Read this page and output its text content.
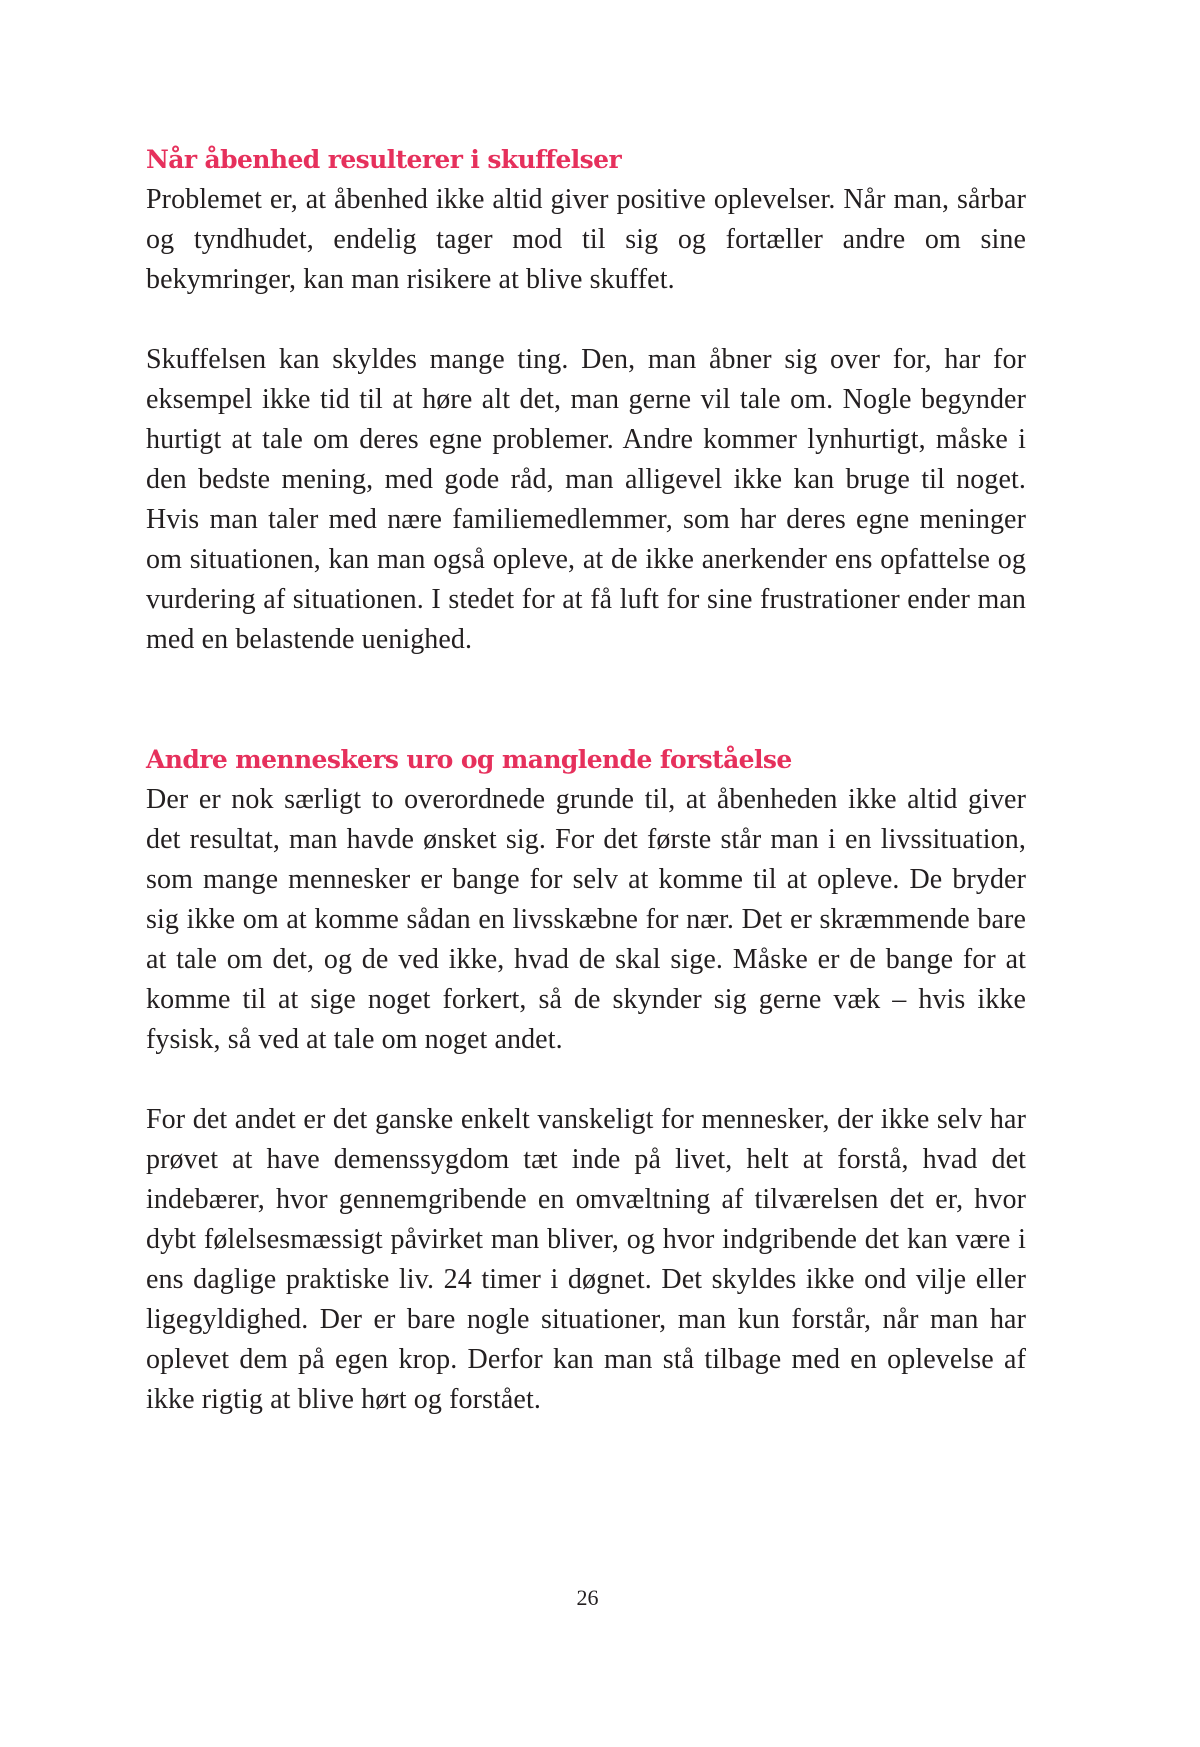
Når åbenhed resulterer i skuffelser

Problemet er, at åbenhed ikke altid giver positive oplevelser. Når man, sårbar og tyndhudet, endelig tager mod til sig og fortæller andre om sine bekymringer, kan man risikere at blive skuffet.

Skuffelsen kan skyldes mange ting. Den, man åbner sig over for, har for eksempel ikke tid til at høre alt det, man gerne vil tale om. Nogle begynder hurtigt at tale om deres egne problemer. Andre kommer lynhurtigt, måske i den bedste mening, med gode råd, man alligevel ikke kan bruge til noget. Hvis man taler med nære familiemedlemmer, som har deres egne meninger om situationen, kan man også opleve, at de ikke anerkender ens opfattelse og vurdering af situationen. I stedet for at få luft for sine frustrationer ender man med en belastende uenighed.

Andre menneskers uro og manglende forståelse

Der er nok særligt to overordnede grunde til, at åbenheden ikke altid giver det resultat, man havde ønsket sig. For det første står man i en livssituation, som mange mennesker er bange for selv at komme til at opleve. De bryder sig ikke om at komme sådan en livsskæbne for nær. Det er skræmmende bare at tale om det, og de ved ikke, hvad de skal sige. Måske er de bange for at komme til at sige noget forkert, så de skynder sig gerne væk – hvis ikke fysisk, så ved at tale om noget andet.

For det andet er det ganske enkelt vanskeligt for mennesker, der ikke selv har prøvet at have demenssygdom tæt inde på livet, helt at forstå, hvad det indebærer, hvor gennemgribende en omvæltning af tilværelsen det er, hvor dybt følelsesmæssigt påvirket man bliver, og hvor indgribende det kan være i ens daglige praktiske liv. 24 timer i døgnet. Det skyldes ikke ond vilje eller ligegyldighed. Der er bare nogle situationer, man kun forstår, når man har oplevet dem på egen krop. Derfor kan man stå tilbage med en oplevelse af ikke rigtig at blive hørt og forstået.

26
